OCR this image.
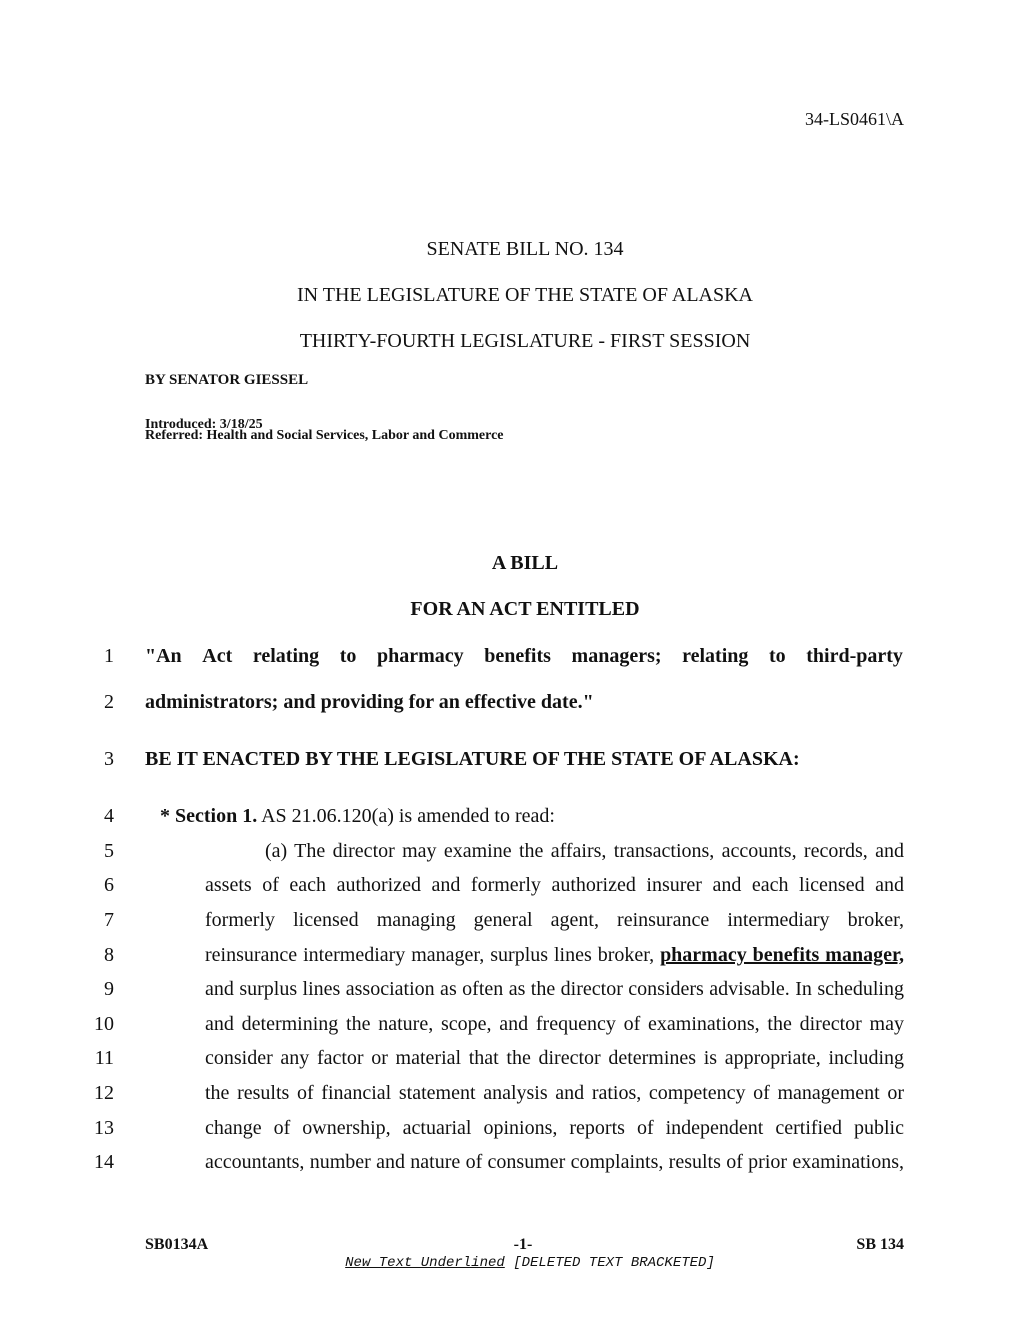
34-LS0461\A
SENATE BILL NO. 134
IN THE LEGISLATURE OF THE STATE OF ALASKA
THIRTY-FOURTH LEGISLATURE - FIRST SESSION
BY SENATOR GIESSEL
Introduced: 3/18/25
Referred: Health and Social Services, Labor and Commerce
A BILL
FOR AN ACT ENTITLED
1
2
3
4
5
6
7
8
9
10
11
12
13
14
"An Act relating to pharmacy benefits managers; relating to third-party
administrators; and providing for an effective date."
BE IT ENACTED BY THE LEGISLATURE OF THE STATE OF ALASKA:
* Section 1. AS 21.06.120(a) is amended to read:
(a) The director may examine the affairs, transactions, accounts, records, and
assets of each authorized and formerly authorized insurer and each licensed and
formerly licensed managing general agent, reinsurance intermediary broker,
reinsurance intermediary manager, surplus lines broker, pharmacy benefits manager,
and surplus lines association as often as the director considers advisable. In scheduling
and determining the nature, scope, and frequency of examinations, the director may
consider any factor or material that the director determines is appropriate, including
the results of financial statement analysis and ratios, competency of management or
change of ownership, actuarial opinions, reports of independent certified public
accountants, number and nature of consumer complaints, results of prior examinations,
SB0134A	-1-	SB 134
New Text Underlined [DELETED TEXT BRACKETED]
